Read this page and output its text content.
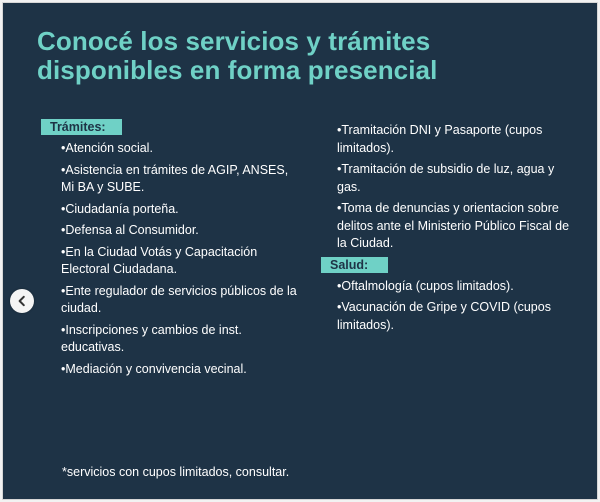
Conocé los servicios y trámites disponibles en forma presencial
Trámites:
•Atención social.
•Asistencia en trámites de AGIP, ANSES, Mi BA y SUBE.
•Ciudadanía porteña.
•Defensa al Consumidor.
•En la Ciudad Votás y Capacitación Electoral Ciudadana.
•Ente regulador de servicios públicos de la ciudad.
•Inscripciones y cambios de inst. educativas.
•Mediación y convivencia vecinal.
•Tramitación DNI y Pasaporte (cupos limitados).
•Tramitación de subsidio de luz, agua y gas.
•Toma de denuncias y orientacion sobre delitos ante el Ministerio Público Fiscal de la Ciudad.
Salud:
•Oftalmología (cupos limitados).
•Vacunación de Gripe y COVID (cupos limitados).
*servicios con cupos limitados, consultar.
